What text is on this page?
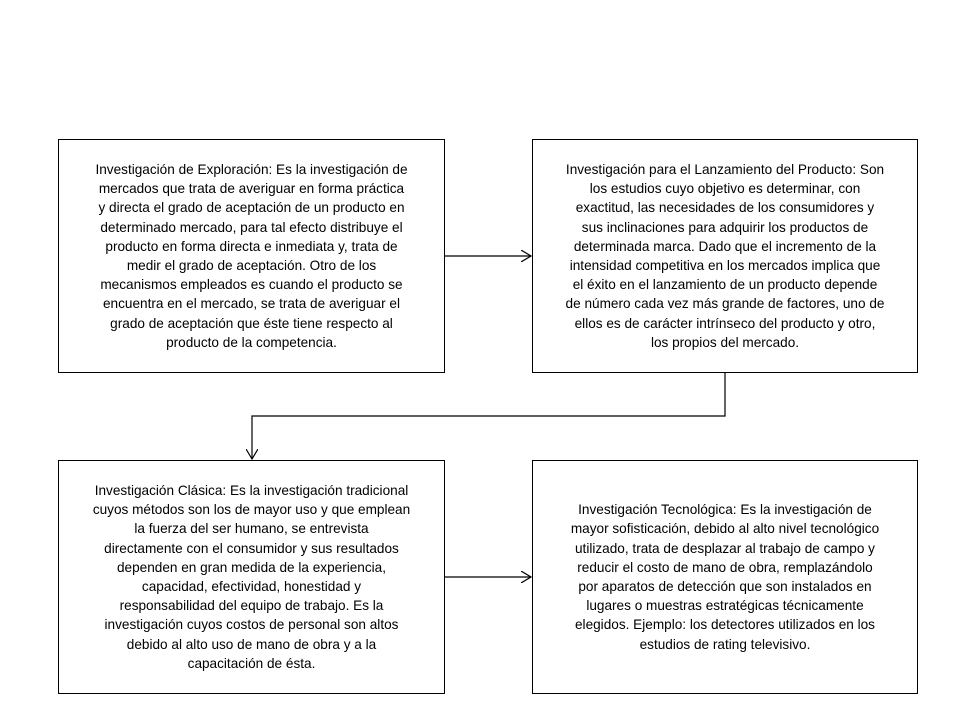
Investigación de Exploración: Es la investigación de
mercados que trata de averiguar en forma práctica
y directa el grado de aceptación de un producto en
determinado mercado, para tal efecto distribuye el
producto en forma directa e inmediata y, trata de
medir el grado de aceptación. Otro de los
mecanismos empleados es cuando el producto se
encuentra en el mercado, se trata de averiguar el
grado de aceptación que éste tiene respecto al
producto de la competencia.
Investigación para el Lanzamiento del Producto: Son
los estudios cuyo objetivo es determinar, con
exactitud, las necesidades de los consumidores y
sus inclinaciones para adquirir los productos de
determinada marca. Dado que el incremento de la
intensidad competitiva en los mercados implica que
el éxito en el lanzamiento de un producto depende
de número cada vez más grande de factores, uno de
ellos es de carácter intrínseco del producto y otro,
los propios del mercado.
Investigación Clásica: Es la investigación tradicional
cuyos métodos son los de mayor uso y que emplean
la fuerza del ser humano, se entrevista
directamente con el consumidor y sus resultados
dependen en gran medida de la experiencia,
capacidad, efectividad, honestidad y
responsabilidad del equipo de trabajo. Es la
investigación cuyos costos de personal son altos
debido al alto uso de mano de obra y a la
capacitación de ésta.
Investigación Tecnológica: Es la investigación de
mayor sofisticación, debido al alto nivel tecnológico
utilizado, trata de desplazar al trabajo de campo y
reducir el costo de mano de obra, remplazándolo
por aparatos de detección que son instalados en
lugares o muestras estratégicas técnicamente
elegidos. Ejemplo: los detectores utilizados en los
estudios de rating televisivo.
